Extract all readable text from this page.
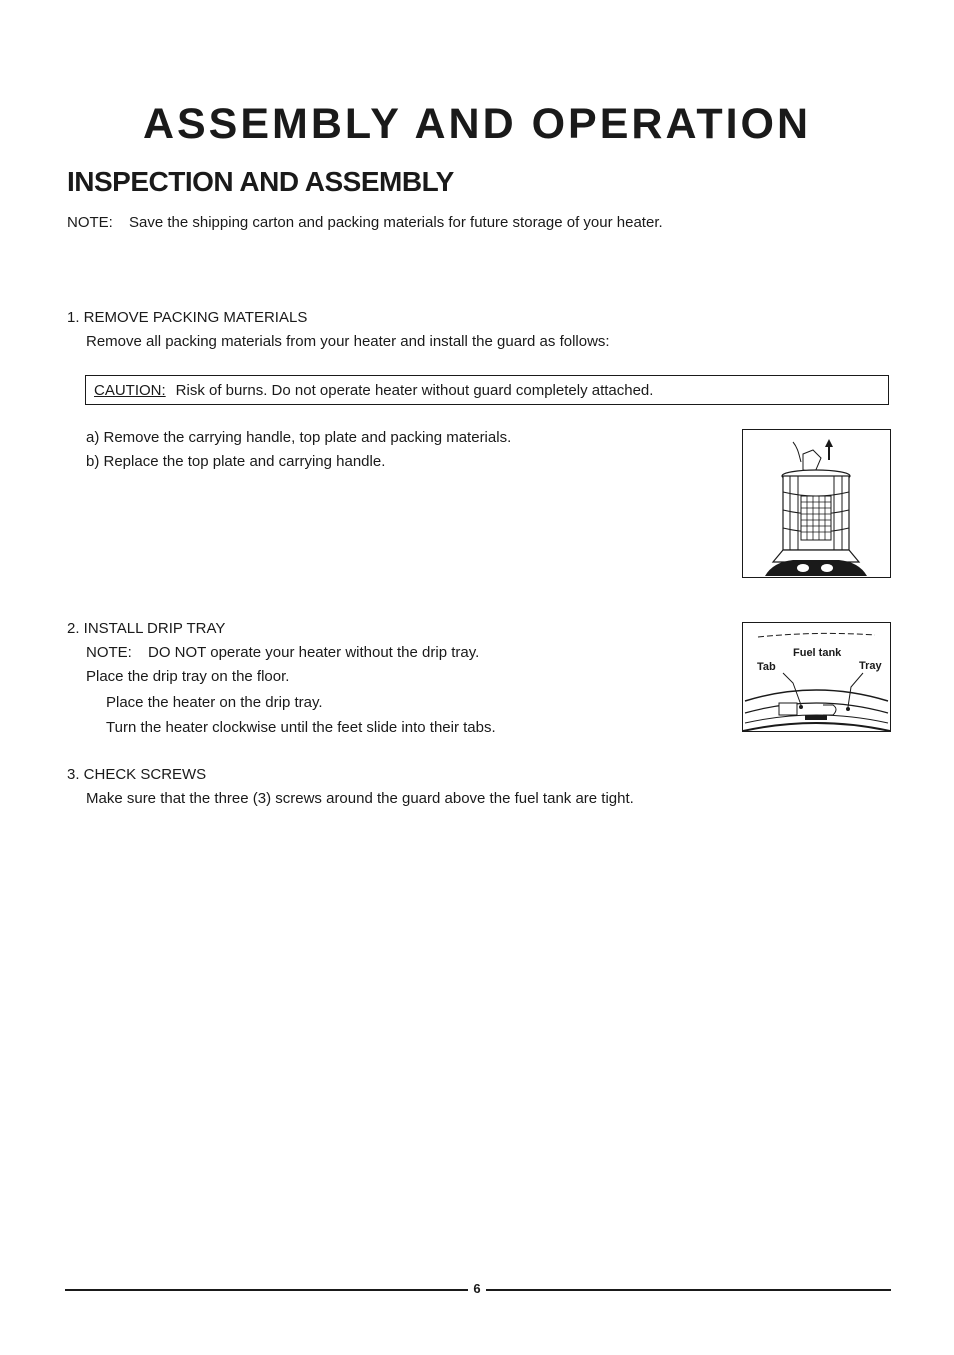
ASSEMBLY AND OPERATION
INSPECTION AND ASSEMBLY
NOTE: Save the shipping carton and packing materials for future storage of your heater.
1. REMOVE PACKING MATERIALS
Remove all packing materials from your heater and install the guard as follows:
CAUTION: Risk of burns. Do not operate heater without guard completely attached.
a) Remove the carrying handle, top plate and packing materials.
b) Replace the top plate and carrying handle.
2. INSTALL DRIP TRAY
NOTE: DO NOT operate your heater without the drip tray.
Place the drip tray on the floor.
Place the heater on the drip tray.
Turn the heater clockwise until the feet slide into their tabs.
Fuel tank
Tab	Tray
3. CHECK SCREWS
Make sure that the three (3) screws around the guard above the fuel tank are tight.
6
